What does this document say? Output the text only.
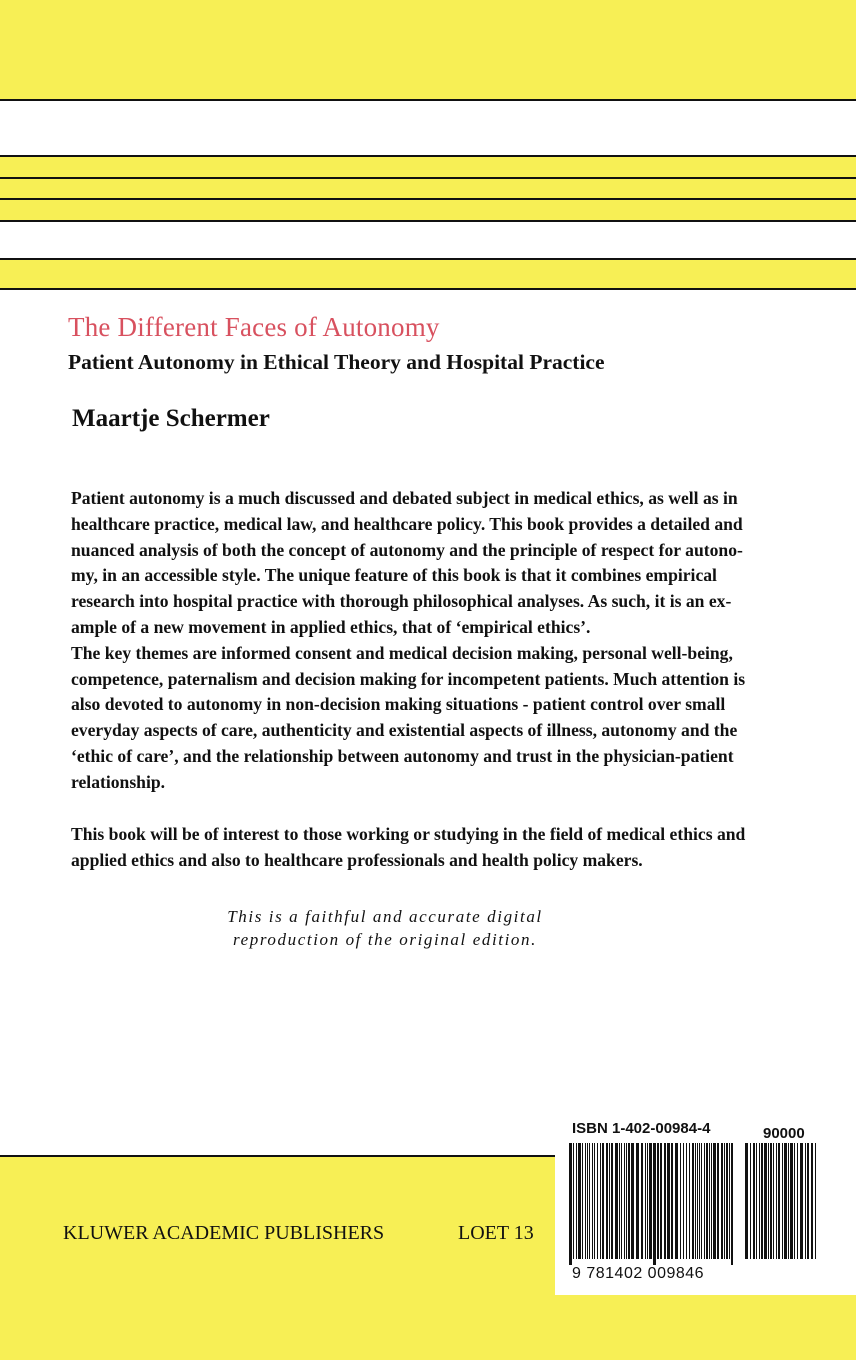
The Different Faces of Autonomy
Patient Autonomy in Ethical Theory and Hospital Practice
Maartje Schermer
Patient autonomy is a much discussed and debated subject in medical ethics, as well as in
healthcare practice, medical law, and healthcare policy. This book provides a detailed and
nuanced analysis of both the concept of autonomy and the principle of respect for autono-
my, in an accessible style. The unique feature of this book is that it combines empirical
research into hospital practice with thorough philosophical analyses. As such, it is an ex-
ample of a new movement in applied ethics, that of ‘empirical ethics’.
The key themes are informed consent and medical decision making, personal well-being,
competence, paternalism and decision making for incompetent patients. Much attention is
also devoted to autonomy in non-decision making situations - patient control over small
everyday aspects of care, authenticity and existential aspects of illness, autonomy and the
‘ethic of care’, and the relationship between autonomy and trust in the physician-patient
relationship.
This book will be of interest to those working or studying in the field of medical ethics and
applied ethics and also to healthcare professionals and health policy makers.
This is a faithful and accurate digital
reproduction of the original edition.
KLUWER ACADEMIC PUBLISHERS	LOET 13
ISBN 1-402-00984-4	90000
9 781402 009846
